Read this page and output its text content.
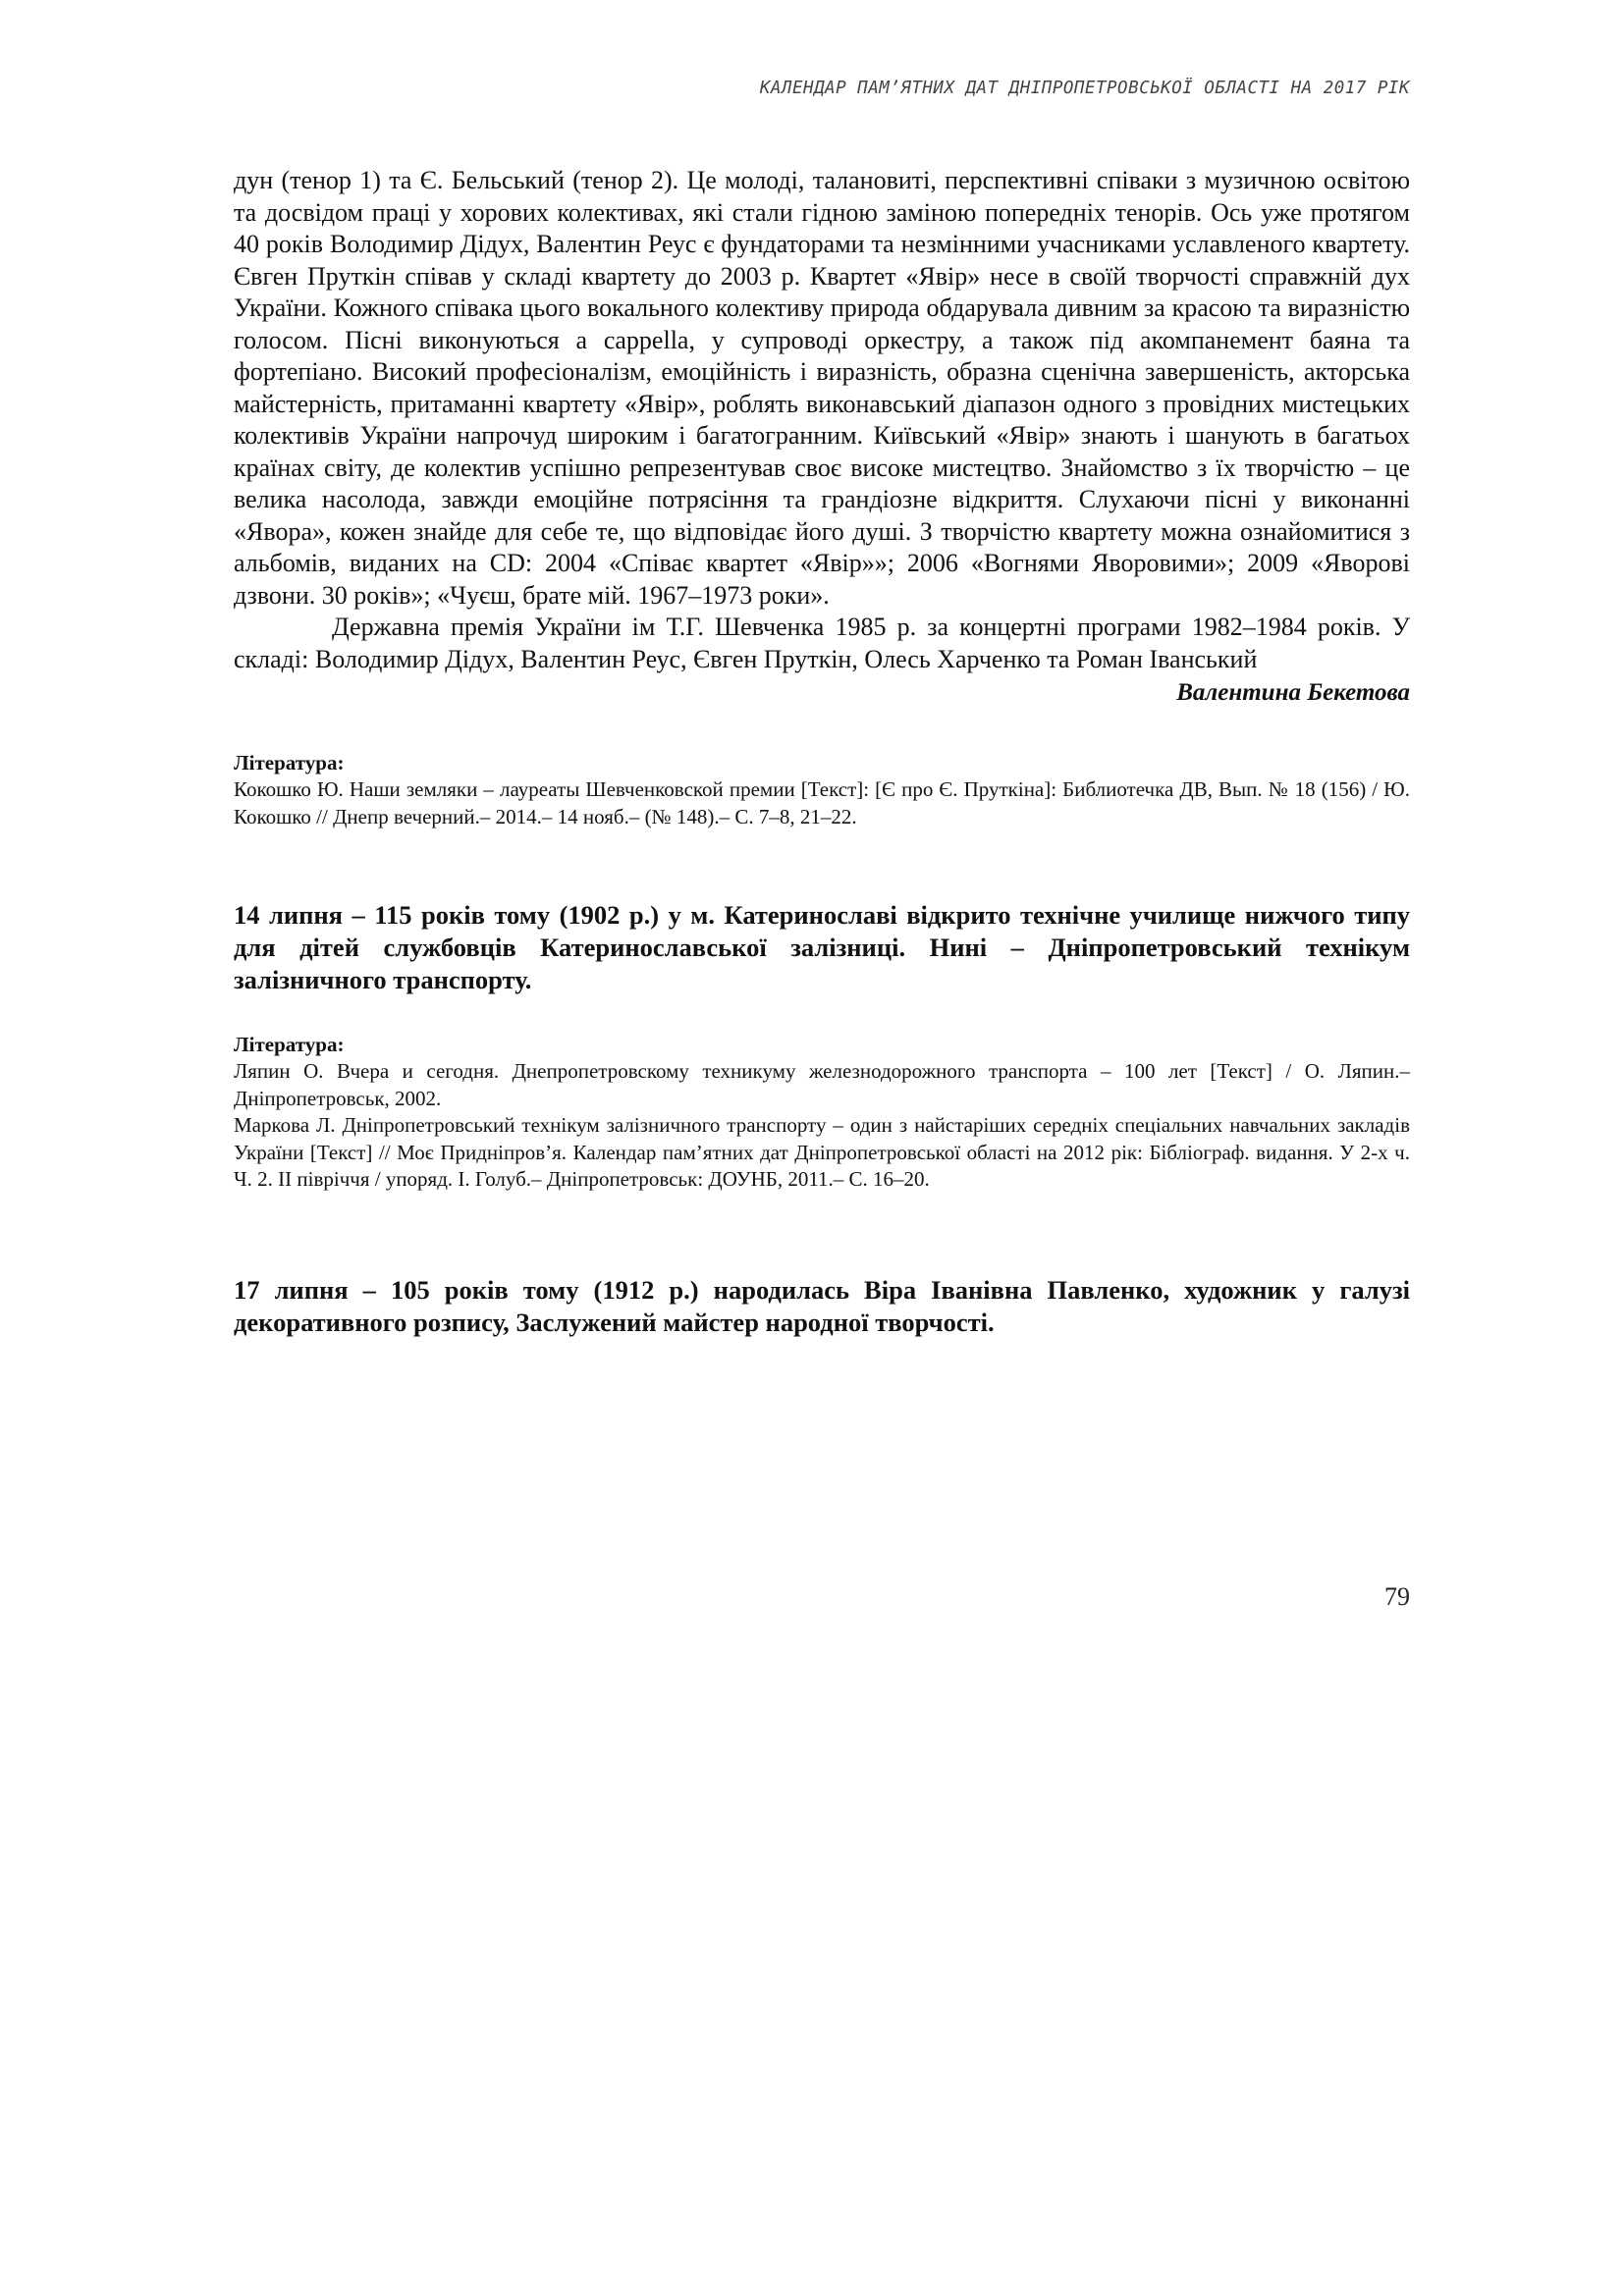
КАЛЕНДАР ПАМ’ЯТНИХ ДАТ ДНІПРОПЕТРОВСЬКОЇ ОБЛАСТІ НА 2017 РІК

дун (тенор 1) та Є. Бельський (тенор 2). Це молоді, талановиті, перспективні співаки з музичною освітою та досвідом праці у хорових колективах, які стали гідною заміною попередніх тенорів. Ось уже протягом 40 років Володимир Дідух, Валентин Реус є фундаторами та незмінними учасниками уславленого квартету. Євген Пруткін співав у складі квартету до 2003 р. Квартет «Явір» несе в своїй творчості справжній дух України. Кожного співака цього вокального колективу природа обдарувала дивним за красою та виразністю голосом. Пісні виконуються а cappella, у супроводі оркестру, а також під акомпанемент баяна та фортепіано. Високий професіоналізм, емоційність і виразність, образна сценічна завершеність, акторська майстерність, притаманні квартету «Явір», роблять виконавський діапазон одного з провідних мистецьких колективів України напрочуд широким і багатогранним. Київський «Явір» знають і шанують в багатьох країнах світу, де колектив успішно репрезентував своє високе мистецтво. Знайомство з їх творчістю – це велика насолода, завжди емоційне потрясіння та грандіозне відкриття. Слухаючи пісні у виконанні «Явора», кожен знайде для себе те, що відповідає його душі. З творчістю квартету можна ознайомитися з альбомів, виданих на CD: 2004 «Співає квартет «Явір»»; 2006 «Вогнями Яворовими»; 2009 «Яворові дзвони. 30 років»; «Чуєш, брате мій. 1967–1973 роки».

Державна премія України ім Т.Г. Шевченка 1985 р. за концертні програми 1982–1984 років. У складі: Володимир Дідух, Валентин Реус, Євген Пруткін, Олесь Харченко та Роман Іванський

Валентина Бекетова

Література:

Кокошко Ю. Наши земляки – лауреаты Шевченковской премии [Текст]: [Є про Є. Пруткіна]: Библиотечка ДВ, Вып. № 18 (156) / Ю. Кокошко // Днепр вечерний.– 2014.– 14 нояб.– (№ 148).– С. 7–8, 21–22.

14 липня – 115 років тому (1902 р.) у м. Катеринославі відкрито технічне училище нижчого типу для дітей службовців Катеринославської залізниці. Нині – Дніпропетровський технікум залізничного транспорту.

Література:

Ляпин О. Вчера и сегодня. Днепропетровскому техникуму железнодорожного транспорта – 100 лет [Текст] / О. Ляпин.– Днiпропетровськ, 2002.

Маркова Л. Дніпропетровський технікум залізничного транспорту – один з найстаріших середніх спеціальних навчальних закладів України [Текст] // Моє Придніпров’я. Календар пам’ятних дат Дніпропетровської області на 2012 рік: Бібліограф. видання. У 2-х ч. Ч. 2. ІІ півріччя / упоряд. І. Голуб.– Дніпропетровськ: ДОУНБ, 2011.– С. 16–20.

17 липня – 105 років тому (1912 р.) народилась Віра Іванівна Павленко, художник у галузі декоративного розпису, Заслужений майстер народної творчості.

79
